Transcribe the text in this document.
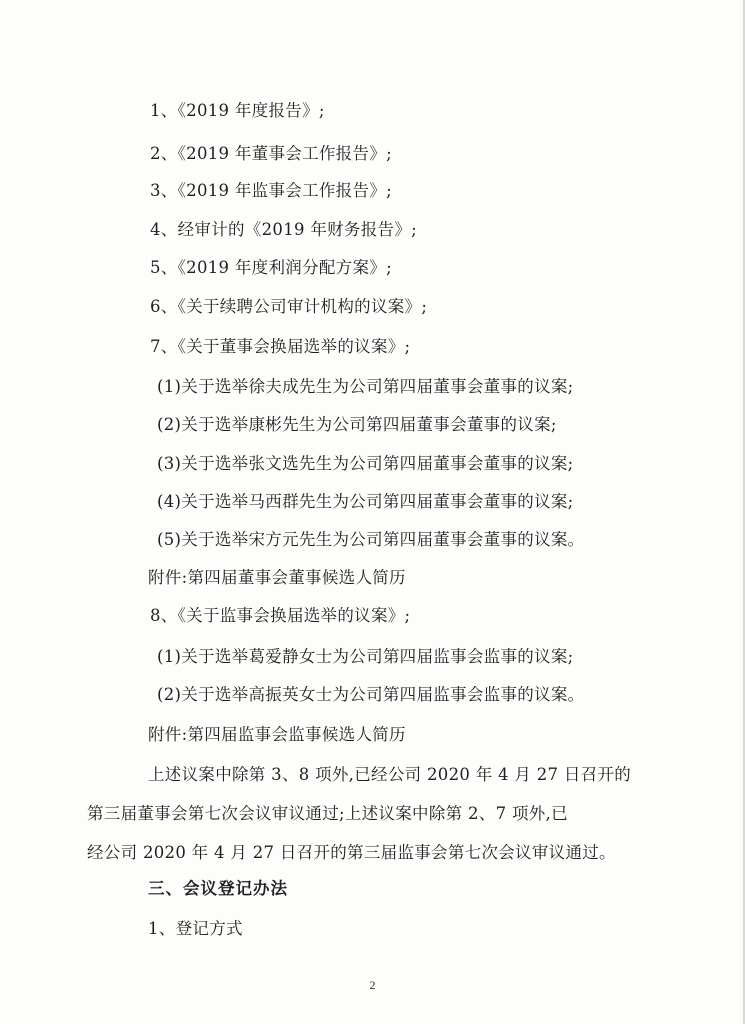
1、《2019 年度报告》;
2、《2019 年董事会工作报告》;
3、《2019 年监事会工作报告》;
4、经审计的《2019 年财务报告》;
5、《2019 年度利润分配方案》;
6、《关于续聘公司审计机构的议案》;
7、《关于董事会换届选举的议案》;
(1)关于选举徐夫成先生为公司第四届董事会董事的议案;
(2)关于选举康彬先生为公司第四届董事会董事的议案;
(3)关于选举张文选先生为公司第四届董事会董事的议案;
(4)关于选举马西群先生为公司第四届董事会董事的议案;
(5)关于选举宋方元先生为公司第四届董事会董事的议案。
附件:第四届董事会董事候选人简历
8、《关于监事会换届选举的议案》;
(1)关于选举葛爱静女士为公司第四届监事会监事的议案;
(2)关于选举高振英女士为公司第四届监事会监事的议案。
附件:第四届监事会监事候选人简历
上述议案中除第 3、8 项外,已经公司 2020 年 4 月 27 日召开的
第三届董事会第七次会议审议通过;上述议案中除第 2、7 项外,已
经公司 2020 年 4 月 27 日召开的第三届监事会第七次会议审议通过。
三、会议登记办法
1、登记方式
2
